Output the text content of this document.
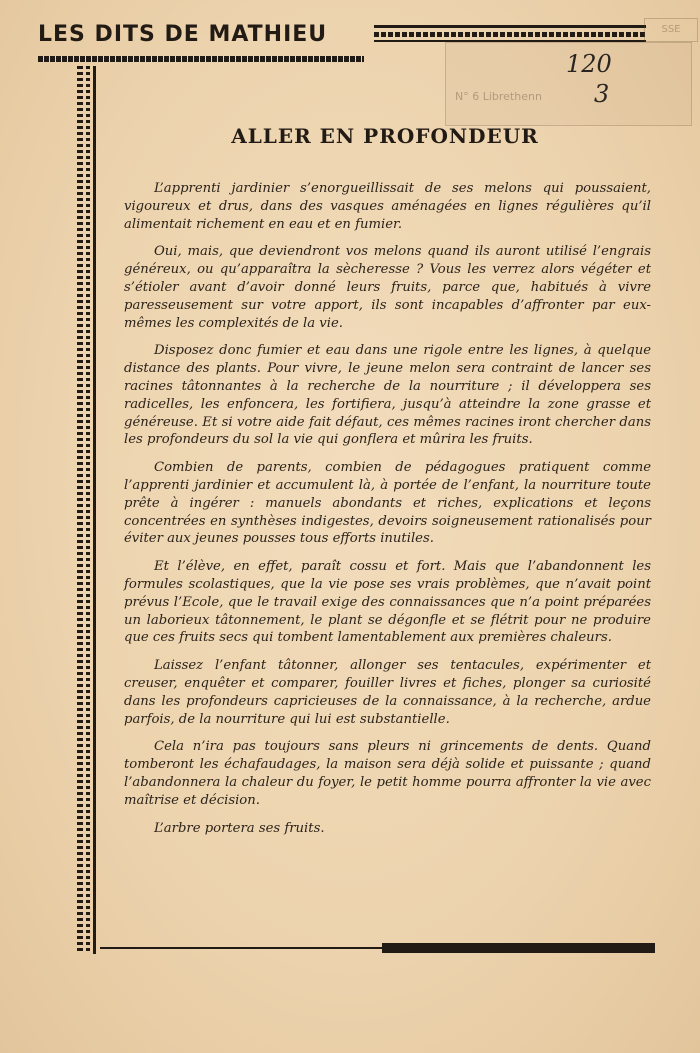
LES DITS DE MATHIEU	SSE
N° 6 Librethenn
120
3
ALLER EN PROFONDEUR

L’apprenti jardinier s’enorgueillissait de ses melons qui poussaient, vigoureux et drus, dans des vasques aménagées en lignes régulières qu’il alimentait richement en eau et en fumier.

Oui, mais, que deviendront vos melons quand ils auront utilisé l’engrais généreux, ou qu’apparaîtra la sècheresse ? Vous les verrez alors végéter et s’étioler avant d’avoir donné leurs fruits, parce que, habitués à vivre paresseusement sur votre apport, ils sont incapables d’affronter par eux-mêmes les complexités de la vie.

Disposez donc fumier et eau dans une rigole entre les lignes, à quelque distance des plants. Pour vivre, le jeune melon sera contraint de lancer ses racines tâtonnantes à la recherche de la nourriture ; il développera ses radicelles, les enfoncera, les fortifiera, jusqu’à atteindre la zone grasse et généreuse. Et si votre aide fait défaut, ces mêmes racines iront chercher dans les profondeurs du sol la vie qui gonflera et mûrira les fruits.

Combien de parents, combien de pédagogues pratiquent comme l’apprenti jardinier et accumulent là, à portée de l’enfant, la nourriture toute prête à ingérer : manuels abondants et riches, explications et leçons concentrées en synthèses indigestes, devoirs soigneusement rationalisés pour éviter aux jeunes pousses tous efforts inutiles.

Et l’élève, en effet, paraît cossu et fort. Mais que l’abandonnent les formules scolastiques, que la vie pose ses vrais problèmes, que n’avait point prévus l’Ecole, que le travail exige des connaissances que n’a point préparées un laborieux tâtonnement, le plant se dégonfle et se flétrit pour ne produire que ces fruits secs qui tombent lamentablement aux premières chaleurs.

Laissez l’enfant tâtonner, allonger ses tentacules, expérimenter et creuser, enquêter et comparer, fouiller livres et fiches, plonger sa curiosité dans les profondeurs capricieuses de la connaissance, à la recherche, ardue parfois, de la nourriture qui lui est substantielle.

Cela n’ira pas toujours sans pleurs ni grincements de dents. Quand tomberont les échafaudages, la maison sera déjà solide et puissante ; quand l’abandonnera la chaleur du foyer, le petit homme pourra affronter la vie avec maîtrise et décision.

L’arbre portera ses fruits.
